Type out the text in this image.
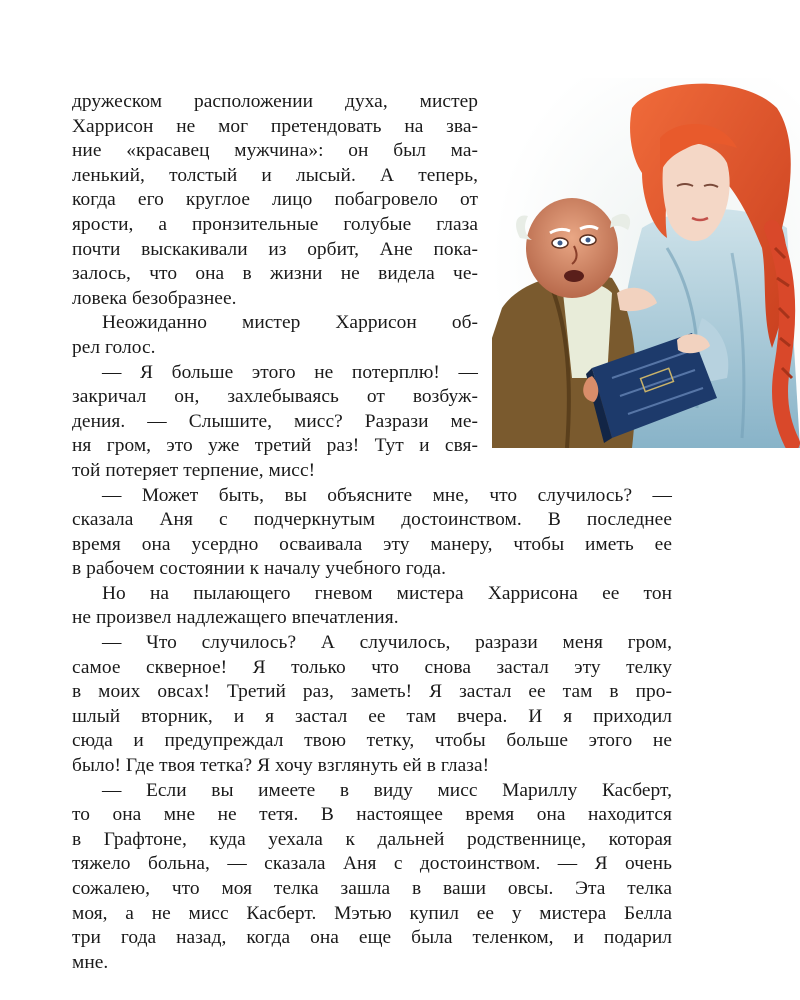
дружеском расположении духа, мистер
Харрисон не мог претендовать на зва-
ние «красавец мужчина»: он был ма-
ленький, толстый и лысый. А теперь,
когда его круглое лицо побагровело от
ярости, а пронзительные голубые глаза
почти выскакивали из орбит, Ане пока-
залось, что она в жизни не видела че-
ловека безобразнее.
Неожиданно мистер Харрисон об-
рел голос.
— Я больше этого не потерплю! —
закричал он, захлебываясь от возбуж-
дения. — Слышите, мисс? Разрази ме-
ня гром, это уже третий раз! Тут и свя-
той потеряет терпение, мисс!
— Может быть, вы объясните мне, что случилось? —
сказала Аня с подчеркнутым достоинством. В последнее
время она усердно осваивала эту манеру, чтобы иметь ее
в рабочем состоянии к началу учебного года.
Но на пылающего гневом мистера Харрисона ее тон
не произвел надлежащего впечатления.
— Что случилось? А случилось, разрази меня гром,
самое скверное! Я только что снова застал эту телку
в моих овсах! Третий раз, заметь! Я застал ее там в про-
шлый вторник, и я застал ее там вчера. И я приходил
сюда и предупреждал твою тетку, чтобы больше этого не
было! Где твоя тетка? Я хочу взглянуть ей в глаза!
— Если вы имеете в виду мисс Мариллу Касберт,
то она мне не тетя. В настоящее время она находится
в Графтоне, куда уехала к дальней родственнице, которая
тяжело больна, — сказала Аня с достоинством. — Я очень
сожалею, что моя телка зашла в ваши овсы. Эта телка
моя, а не мисс Касберт. Мэтью купил ее у мистера Белла
три года назад, когда она еще была теленком, и подарил
мне.
